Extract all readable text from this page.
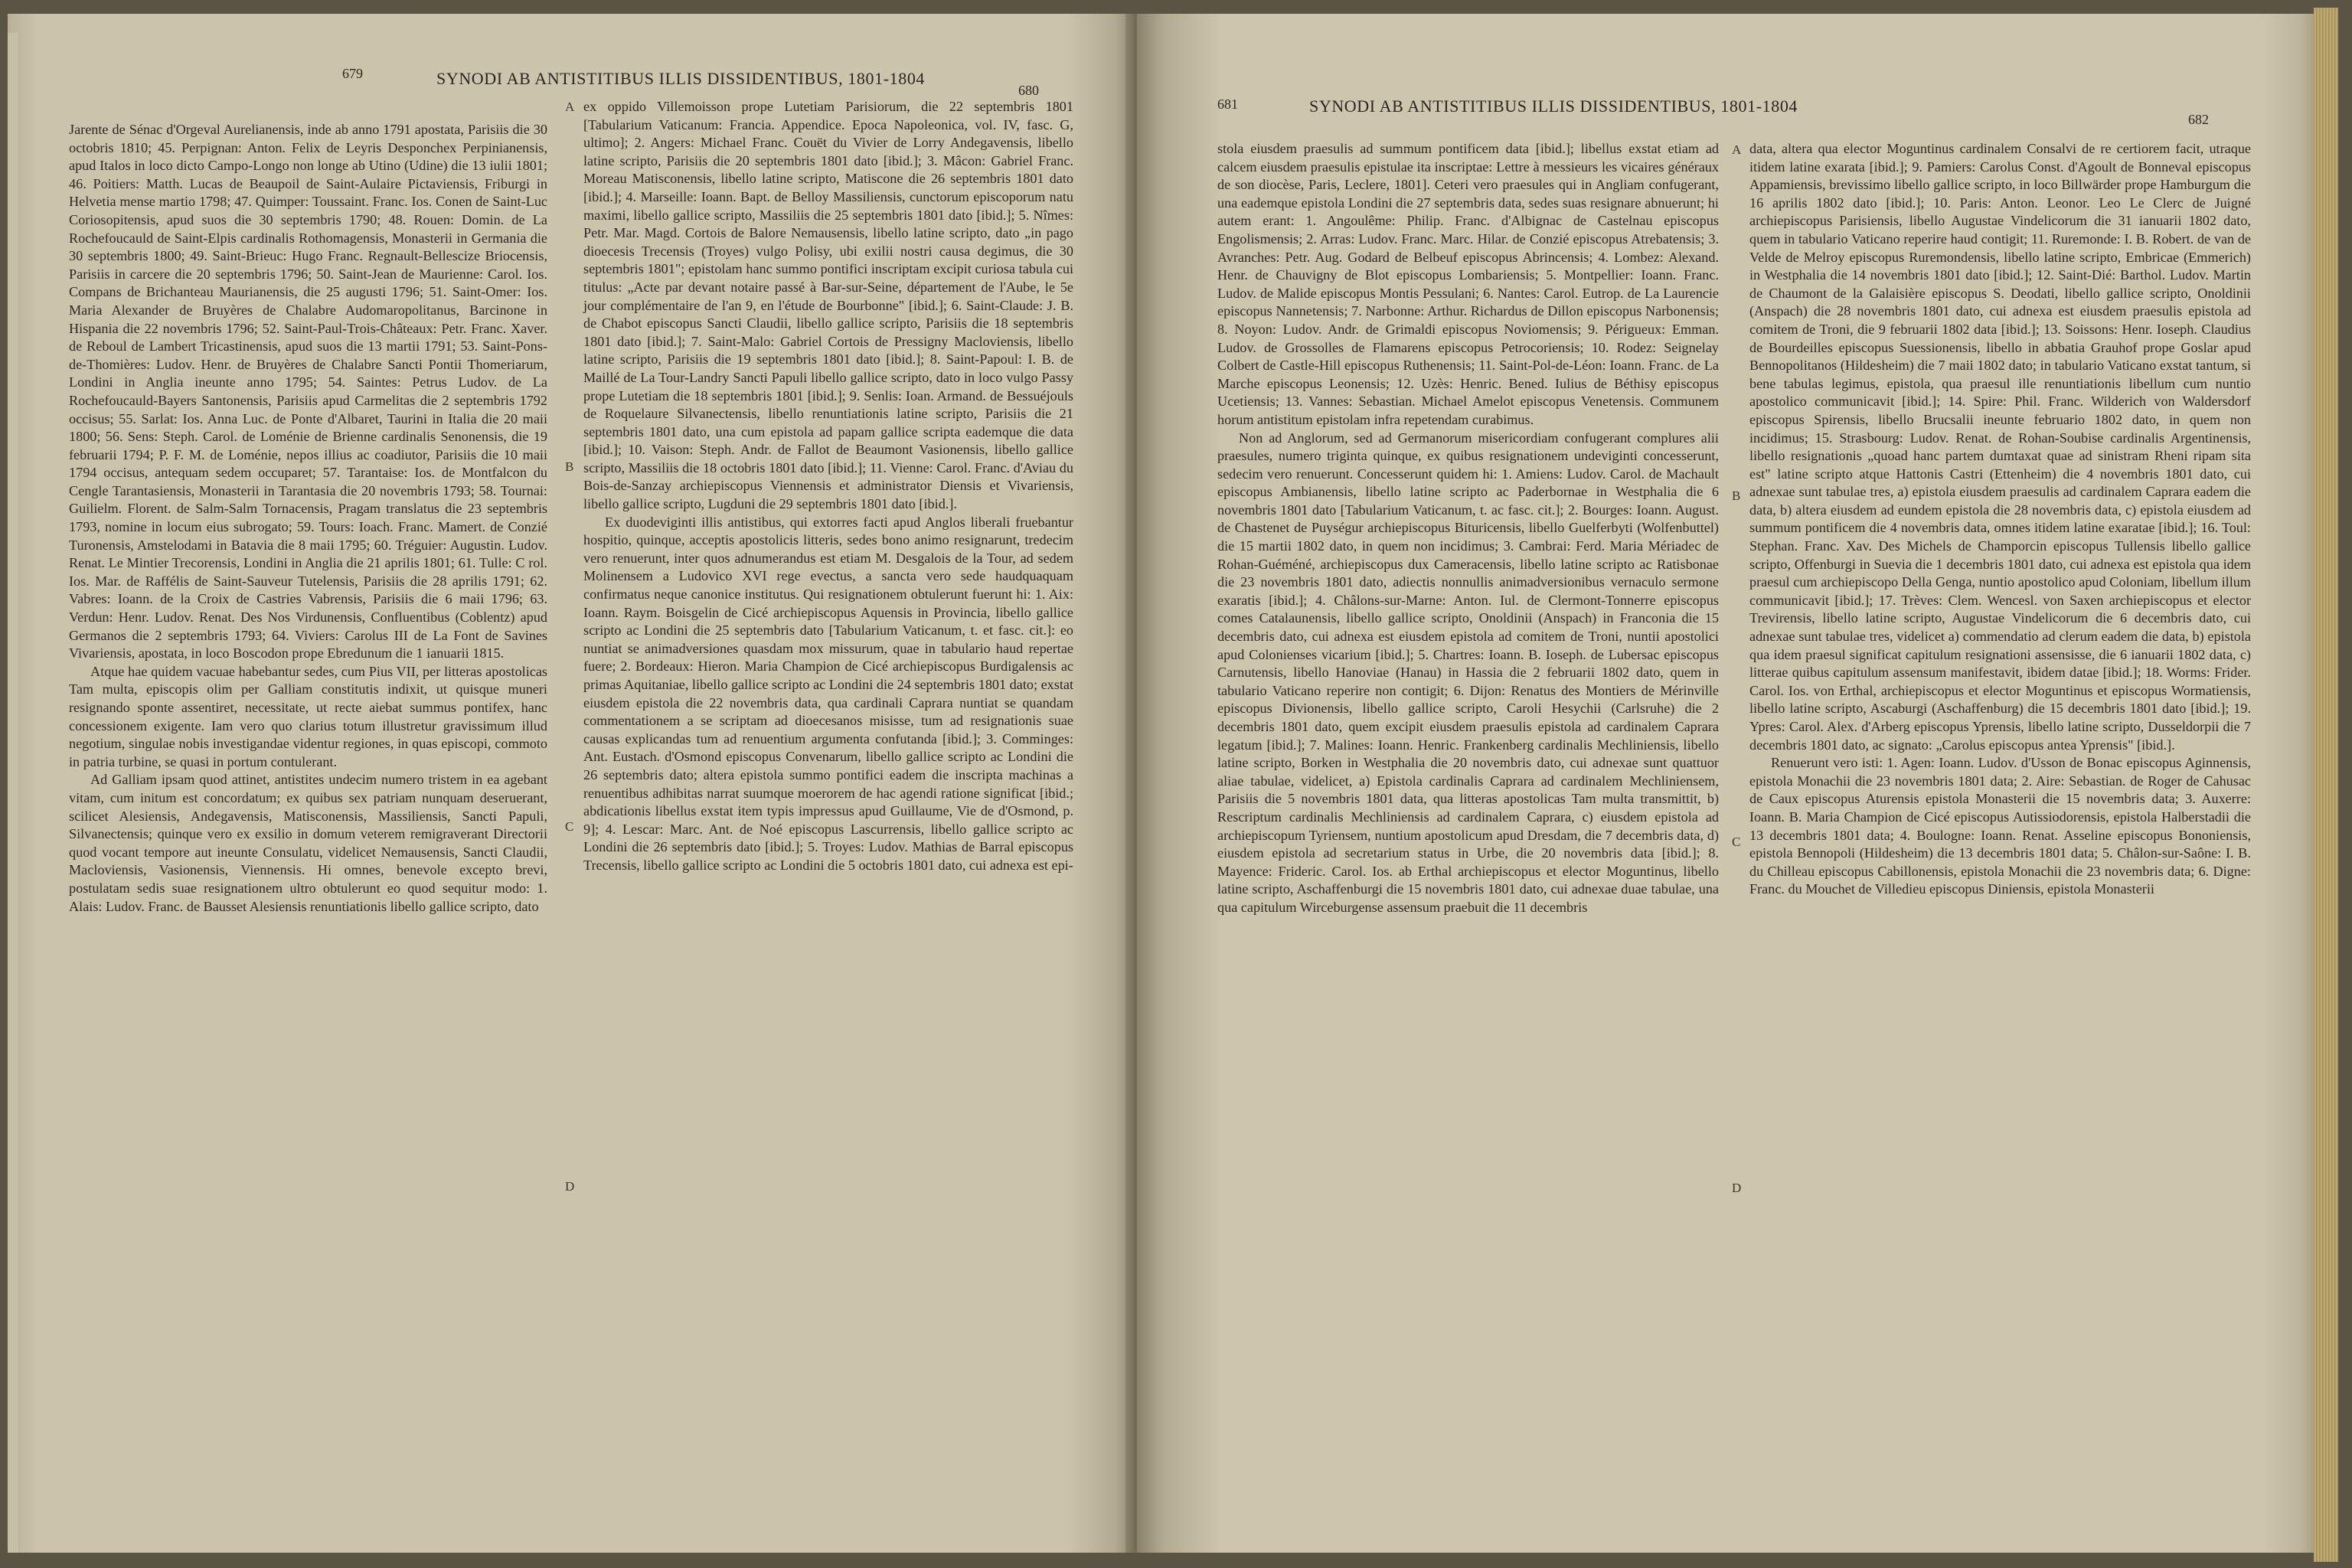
679	SYNODI AB ANTISTITIBUS ILLIS DISSIDENTIBUS, 1801-1804
680

Jarente de Sénac d'Orgeval Aurelianensis, inde ab anno 1791 apostata, Parisiis die 30 octobris 1810; 45. Perpignan: Anton. Felix de Leyris Desponchex Perpinianensis, apud Italos in loco dicto Campo-Longo non longe ab Utino (Udine) die 13 iulii 1801; 46. Poitiers: Matth. Lucas de Beaupoil de Saint-Aulaire Pictaviensis, Friburgi in Helvetia mense martio 1798; 47. Quimper: Toussaint. Franc. Ios. Conen de Saint-Luc Coriosopitensis, apud suos die 30 septembris 1790; 48. Rouen: Domin. de La Rochefoucauld de Saint-Elpis cardinalis Rothomagensis, Monasterii in Germania die 30 septembris 1800; 49. Saint-Brieuc: Hugo Franc. Regnault-Bellescize Briocensis, Parisiis in carcere die 20 septembris 1796; 50. Saint-Jean de Maurienne: Carol. Ios. Compans de Brichanteau Maurianensis, die 25 augusti 1796; 51. Saint-Omer: Ios. Maria Alexander de Bruyères de Chalabre Audomaropolitanus, Barcinone in Hispania die 22 novembris 1796; 52. Saint-Paul-Trois-Châteaux: Petr. Franc. Xaver. de Reboul de Lambert Tricastinensis, apud suos die 13 martii 1791; 53. Saint-Pons-de-Thomières: Ludov. Henr. de Bruyères de Chalabre Sancti Pontii Thomeriarum, Londini in Anglia ineunte anno 1795; 54. Saintes: Petrus Ludov. de La Rochefoucauld-Bayers Santonensis, Parisiis apud Carmelitas die 2 septembris 1792 occisus; 55. Sarlat: Ios. Anna Luc. de Ponte d'Albaret, Taurini in Italia die 20 maii 1800; 56. Sens: Steph. Carol. de Loménie de Brienne cardinalis Senonensis, die 19 februarii 1794; P. F. M. de Loménie, nepos illius ac coadiutor, Parisiis die 10 maii 1794 occisus, antequam sedem occuparet; 57. Tarantaise: Ios. de Montfalcon du Cengle Tarantasiensis, Monasterii in Tarantasia die 20 novembris 1793; 58. Tournai: Guilielm. Florent. de Salm-Salm Tornacensis, Pragam translatus die 23 septembris 1793, nomine in locum eius subrogato; 59. Tours: Ioach. Franc. Mamert. de Conzié Turonensis, Amstelodami in Batavia die 8 maii 1795; 60. Tréguier: Augustin. Ludov. Renat. Le Mintier Trecorensis, Londini in Anglia die 21 aprilis 1801; 61. Tulle: C rol. Ios. Mar. de Raffélis de Saint-Sauveur Tutelensis, Parisiis die 28 aprilis 1791; 62. Vabres: Ioann. de la Croix de Castries Vabrensis, Parisiis die 6 maii 1796; 63. Verdun: Henr. Ludov. Renat. Des Nos Virdunensis, Confluentibus (Coblentz) apud Germanos die 2 septembris 1793; 64. Viviers: Carolus III de La Font de Savines Vivariensis, apostata, in loco Boscodon prope Ebredunum die 1 ianuarii 1815.

Atque hae quidem vacuae habebantur sedes, cum Pius VII, per litteras apostolicas Tam multa, episcopis olim per Galliam constitutis indixit, ut quisque muneri resignando sponte assentiret, necessitate, ut recte aiebat summus pontifex, hanc concessionem exigente. Iam vero quo clarius totum illustretur gravissimum illud negotium, singulae nobis investigandae videntur regiones, in quas episcopi, commoto in patria turbine, se quasi in portum contulerant.

Ad Galliam ipsam quod attinet, antistites undecim numero tristem in ea agebant vitam, cum initum est concordatum; ex quibus sex patriam nunquam deseruerant, scilicet Alesiensis, Andegavensis, Matisconensis, Massiliensis, Sancti Papuli, Silvanectensis; quinque vero ex exsilio in domum veterem remigraverant Directorii quod vocant tempore aut ineunte Consulatu, videlicet Nemausensis, Sancti Claudii, Macloviensis, Vasionensis, Viennensis. Hi omnes, benevole excepto brevi, postulatam sedis suae resignationem ultro obtulerunt eo quod sequitur modo: 1. Alais: Ludov. Franc. de Bausset Alesiensis renuntiationis libello gallice scripto, dato

A
B
C
D

ex oppido Villemoisson prope Lutetiam Parisiorum, die 22 septembris 1801 [Tabularium Vaticanum: Francia. Appendice. Epoca Napoleonica, vol. IV, fasc. G, ultimo]; 2. Angers: Michael Franc. Couët du Vivier de Lorry Andegavensis, libello latine scripto, Parisiis die 20 septembris 1801 dato [ibid.]; 3. Mâcon: Gabriel Franc. Moreau Matisconensis, libello latine scripto, Matiscone die 26 septembris 1801 dato [ibid.]; 4. Marseille: Ioann. Bapt. de Belloy Massiliensis, cunctorum episcoporum natu maximi, libello gallice scripto, Massiliis die 25 septembris 1801 dato [ibid.]; 5. Nîmes: Petr. Mar. Magd. Cortois de Balore Nemausensis, libello latine scripto, dato „in pago dioecesis Trecensis (Troyes) vulgo Polisy, ubi exilii nostri causa degimus, die 30 septembris 1801"; epistolam hanc summo pontifici inscriptam excipit curiosa tabula cui titulus: „Acte par devant notaire passé à Bar-sur-Seine, département de l'Aube, le 5e jour complémentaire de l'an 9, en l'étude de Bourbonne" [ibid.]; 6. Saint-Claude: J. B. de Chabot episcopus Sancti Claudii, libello gallice scripto, Parisiis die 18 septembris 1801 dato [ibid.]; 7. Saint-Malo: Gabriel Cortois de Pressigny Macloviensis, libello latine scripto, Parisiis die 19 septembris 1801 dato [ibid.]; 8. Saint-Papoul: I. B. de Maillé de La Tour-Landry Sancti Papuli libello gallice scripto, dato in loco vulgo Passy prope Lutetiam die 18 septembris 1801 [ibid.]; 9. Senlis: Ioan. Armand. de Bessuéjouls de Roquelaure Silvanectensis, libello renuntiationis latine scripto, Parisiis die 21 septembris 1801 dato, una cum epistola ad papam gallice scripta eademque die data [ibid.]; 10. Vaison: Steph. Andr. de Fallot de Beaumont Vasionensis, libello gallice scripto, Massiliis die 18 octobris 1801 dato [ibid.]; 11. Vienne: Carol. Franc. d'Aviau du Bois-de-Sanzay archiepiscopus Viennensis et administrator Diensis et Vivariensis, libello gallice scripto, Lugduni die 29 septembris 1801 dato [ibid.].

Ex duodeviginti illis antistibus, qui extorres facti apud Anglos liberali fruebantur hospitio, quinque, acceptis apostolicis litteris, sedes bono animo resignarunt, tredecim vero renuerunt, inter quos adnumerandus est etiam M. Desgalois de la Tour, ad sedem Molinensem a Ludovico XVI rege evectus, a sancta vero sede haudquaquam confirmatus neque canonice institutus. Qui resignationem obtulerunt fuerunt hi: 1. Aix: Ioann. Raym. Boisgelin de Cicé archiepiscopus Aquensis in Provincia, libello gallice scripto ac Londini die 25 septembris dato [Tabularium Vaticanum, t. et fasc. cit.]: eo nuntiat se animadversiones quasdam mox missurum, quae in tabulario haud repertae fuere; 2. Bordeaux: Hieron. Maria Champion de Cicé archiepiscopus Burdigalensis ac primas Aquitaniae, libello gallice scripto ac Londini die 24 septembris 1801 dato; exstat eiusdem epistola die 22 novembris data, qua cardinali Caprara nuntiat se quandam commentationem a se scriptam ad dioecesanos misisse, tum ad resignationis suae causas explicandas tum ad renuentium argumenta confutanda [ibid.]; 3. Comminges: Ant. Eustach. d'Osmond episcopus Convenarum, libello gallice scripto ac Londini die 26 septembris dato; altera epistola summo pontifici eadem die inscripta machinas a renuentibus adhibitas narrat suumque moerorem de hac agendi ratione significat [ibid.; abdicationis libellus exstat item typis impressus apud Guillaume, Vie de d'Osmond, p. 9]; 4. Lescar: Marc. Ant. de Noé episcopus Lascurrensis, libello gallice scripto ac Londini die 26 septembris dato [ibid.]; 5. Troyes: Ludov. Mathias de Barral episcopus Trecensis, libello gallice scripto ac Londini die 5 octobris 1801 dato, cui adnexa est epi-

681	SYNODI AB ANTISTITIBUS ILLIS DISSIDENTIBUS, 1801-1804
682

stola eiusdem praesulis ad summum pontificem data [ibid.]; libellus exstat etiam ad calcem eiusdem praesulis epistulae ita inscriptae: Lettre à messieurs les vicaires généraux de son diocèse, Paris, Leclere, 1801]. Ceteri vero praesules qui in Angliam confugerant, una eademque epistola Londini die 27 septembris data, sedes suas resignare abnuerunt; hi autem erant: 1. Angoulême: Philip. Franc. d'Albignac de Castelnau episcopus Engolismensis; 2. Arras: Ludov. Franc. Marc. Hilar. de Conzié episcopus Atrebatensis; 3. Avranches: Petr. Aug. Godard de Belbeuf episcopus Abrincensis; 4. Lombez: Alexand. Henr. de Chauvigny de Blot episcopus Lombariensis; 5. Montpellier: Ioann. Franc. Ludov. de Malide episcopus Montis Pessulani; 6. Nantes: Carol. Eutrop. de La Laurencie episcopus Nannetensis; 7. Narbonne: Arthur. Richardus de Dillon episcopus Narbonensis; 8. Noyon: Ludov. Andr. de Grimaldi episcopus Noviomensis; 9. Périgueux: Emman. Ludov. de Grossolles de Flamarens episcopus Petrocoriensis; 10. Rodez: Seignelay Colbert de Castle-Hill episcopus Ruthenensis; 11. Saint-Pol-de-Léon: Ioann. Franc. de La Marche episcopus Leonensis; 12. Uzès: Henric. Bened. Iulius de Béthisy episcopus Ucetiensis; 13. Vannes: Sebastian. Michael Amelot episcopus Venetensis. Communem horum antistitum epistolam infra repetendam curabimus.

Non ad Anglorum, sed ad Germanorum misericordiam confugerant complures alii praesules, numero triginta quinque, ex quibus resignationem undeviginti concesserunt, sedecim vero renuerunt. Concesserunt quidem hi: 1. Amiens: Ludov. Carol. de Machault episcopus Ambianensis, libello latine scripto ac Paderbornae in Westphalia die 6 novembris 1801 dato [Tabularium Vaticanum, t. ac fasc. cit.]; 2. Bourges: Ioann. August. de Chastenet de Puységur archiepiscopus Bituricensis, libello Guelferbyti (Wolfenbuttel) die 15 martii 1802 dato, in quem non incidimus; 3. Cambrai: Ferd. Maria Mériadec de Rohan-Guéméné, archiepiscopus dux Cameracensis, libello latine scripto ac Ratisbonae die 23 novembris 1801 dato, adiectis nonnullis animadversionibus vernaculo sermone exaratis [ibid.]; 4. Châlons-sur-Marne: Anton. Iul. de Clermont-Tonnerre episcopus comes Catalaunensis, libello gallice scripto, Onoldinii (Anspach) in Franconia die 15 decembris dato, cui adnexa est eiusdem epistola ad comitem de Troni, nuntii apostolici apud Colonienses vicarium [ibid.]; 5. Chartres: Ioann. B. Ioseph. de Lubersac episcopus Carnutensis, libello Hanoviae (Hanau) in Hassia die 2 februarii 1802 dato, quem in tabulario Vaticano reperire non contigit; 6. Dijon: Renatus des Montiers de Mérinville episcopus Divionensis, libello gallice scripto, Caroli Hesychii (Carlsruhe) die 2 decembris 1801 dato, quem excipit eiusdem praesulis epistola ad cardinalem Caprara legatum [ibid.]; 7. Malines: Ioann. Henric. Frankenberg cardinalis Mechliniensis, libello latine scripto, Borken in Westphalia die 20 novembris dato, cui adnexae sunt quattuor aliae tabulae, videlicet, a) Epistola cardinalis Caprara ad cardinalem Mechliniensem, Parisiis die 5 novembris 1801 data, qua litteras apostolicas Tam multa transmittit, b) Rescriptum cardinalis Mechliniensis ad cardinalem Caprara, c) eiusdem epistola ad archiepiscopum Tyriensem, nuntium apostolicum apud Dresdam, die 7 decembris data, d) eiusdem epistola ad secretarium status in Urbe, die 20 novembris data [ibid.]; 8. Mayence: Frideric. Carol. Ios. ab Erthal archiepiscopus et elector Moguntinus, libello latine scripto, Aschaffenburgi die 15 novembris 1801 dato, cui adnexae duae tabulae, una qua capitulum Wirceburgense assensum praebuit die 11 decembris

A
B
C
D

data, altera qua elector Moguntinus cardinalem Consalvi de re certiorem facit, utraque itidem latine exarata [ibid.]; 9. Pamiers: Carolus Const. d'Agoult de Bonneval episcopus Appamiensis, brevissimo libello gallice scripto, in loco Billwärder prope Hamburgum die 16 aprilis 1802 dato [ibid.]; 10. Paris: Anton. Leonor. Leo Le Clerc de Juigné archiepiscopus Parisiensis, libello Augustae Vindelicorum die 31 ianuarii 1802 dato, quem in tabulario Vaticano reperire haud contigit; 11. Ruremonde: I. B. Robert. de van de Velde de Melroy episcopus Ruremondensis, libello latine scripto, Embricae (Emmerich) in Westphalia die 14 novembris 1801 dato [ibid.]; 12. Saint-Dié: Barthol. Ludov. Martin de Chaumont de la Galaisière episcopus S. Deodati, libello gallice scripto, Onoldinii (Anspach) die 28 novembris 1801 dato, cui adnexa est eiusdem praesulis epistola ad comitem de Troni, die 9 februarii 1802 data [ibid.]; 13. Soissons: Henr. Ioseph. Claudius de Bourdeilles episcopus Suessionensis, libello in abbatia Grauhof prope Goslar apud Bennopolitanos (Hildesheim) die 7 maii 1802 dato; in tabulario Vaticano exstat tantum, si bene tabulas legimus, epistola, qua praesul ille renuntiationis libellum cum nuntio apostolico communicavit [ibid.]; 14. Spire: Phil. Franc. Wilderich von Waldersdorf episcopus Spirensis, libello Brucsalii ineunte februario 1802 dato, in quem non incidimus; 15. Strasbourg: Ludov. Renat. de Rohan-Soubise cardinalis Argentinensis, libello resignationis „quoad hanc partem dumtaxat quae ad sinistram Rheni ripam sita est" latine scripto atque Hattonis Castri (Ettenheim) die 4 novembris 1801 dato, cui adnexae sunt tabulae tres, a) epistola eiusdem praesulis ad cardinalem Caprara eadem die data, b) altera eiusdem ad eundem epistola die 28 novembris data, c) epistola eiusdem ad summum pontificem die 4 novembris data, omnes itidem latine exaratae [ibid.]; 16. Toul: Stephan. Franc. Xav. Des Michels de Champorcin episcopus Tullensis libello gallice scripto, Offenburgi in Suevia die 1 decembris 1801 dato, cui adnexa est epistola qua idem praesul cum archiepiscopo Della Genga, nuntio apostolico apud Coloniam, libellum illum communicavit [ibid.]; 17. Trèves: Clem. Wencesl. von Saxen archiepiscopus et elector Trevirensis, libello latine scripto, Augustae Vindelicorum die 6 decembris dato, cui adnexae sunt tabulae tres, videlicet a) commendatio ad clerum eadem die data, b) epistola qua idem praesul significat capitulum resignationi assensisse, die 6 ianuarii 1802 data, c) litterae quibus capitulum assensum manifestavit, ibidem datae [ibid.]; 18. Worms: Frider. Carol. Ios. von Erthal, archiepiscopus et elector Moguntinus et episcopus Wormatiensis, libello latine scripto, Ascaburgi (Aschaffenburg) die 15 decembris 1801 dato [ibid.]; 19. Ypres: Carol. Alex. d'Arberg episcopus Yprensis, libello latine scripto, Dusseldorpii die 7 decembris 1801 dato, ac signato: „Carolus episcopus antea Yprensis" [ibid.].

Renuerunt vero isti: 1. Agen: Ioann. Ludov. d'Usson de Bonac episcopus Aginnensis, epistola Monachii die 23 novembris 1801 data; 2. Aire: Sebastian. de Roger de Cahusac de Caux episcopus Aturensis epistola Monasterii die 15 novembris data; 3. Auxerre: Ioann. B. Maria Champion de Cicé episcopus Autissiodorensis, epistola Halberstadii die 13 decembris 1801 data; 4. Boulogne: Ioann. Renat. Asseline episcopus Bononiensis, epistola Bennopoli (Hildesheim) die 13 decembris 1801 data; 5. Châlon-sur-Saône: I. B. du Chilleau episcopus Cabillonensis, epistola Monachii die 23 novembris data; 6. Digne: Franc. du Mouchet de Villedieu episcopus Diniensis, epistola Monasterii
